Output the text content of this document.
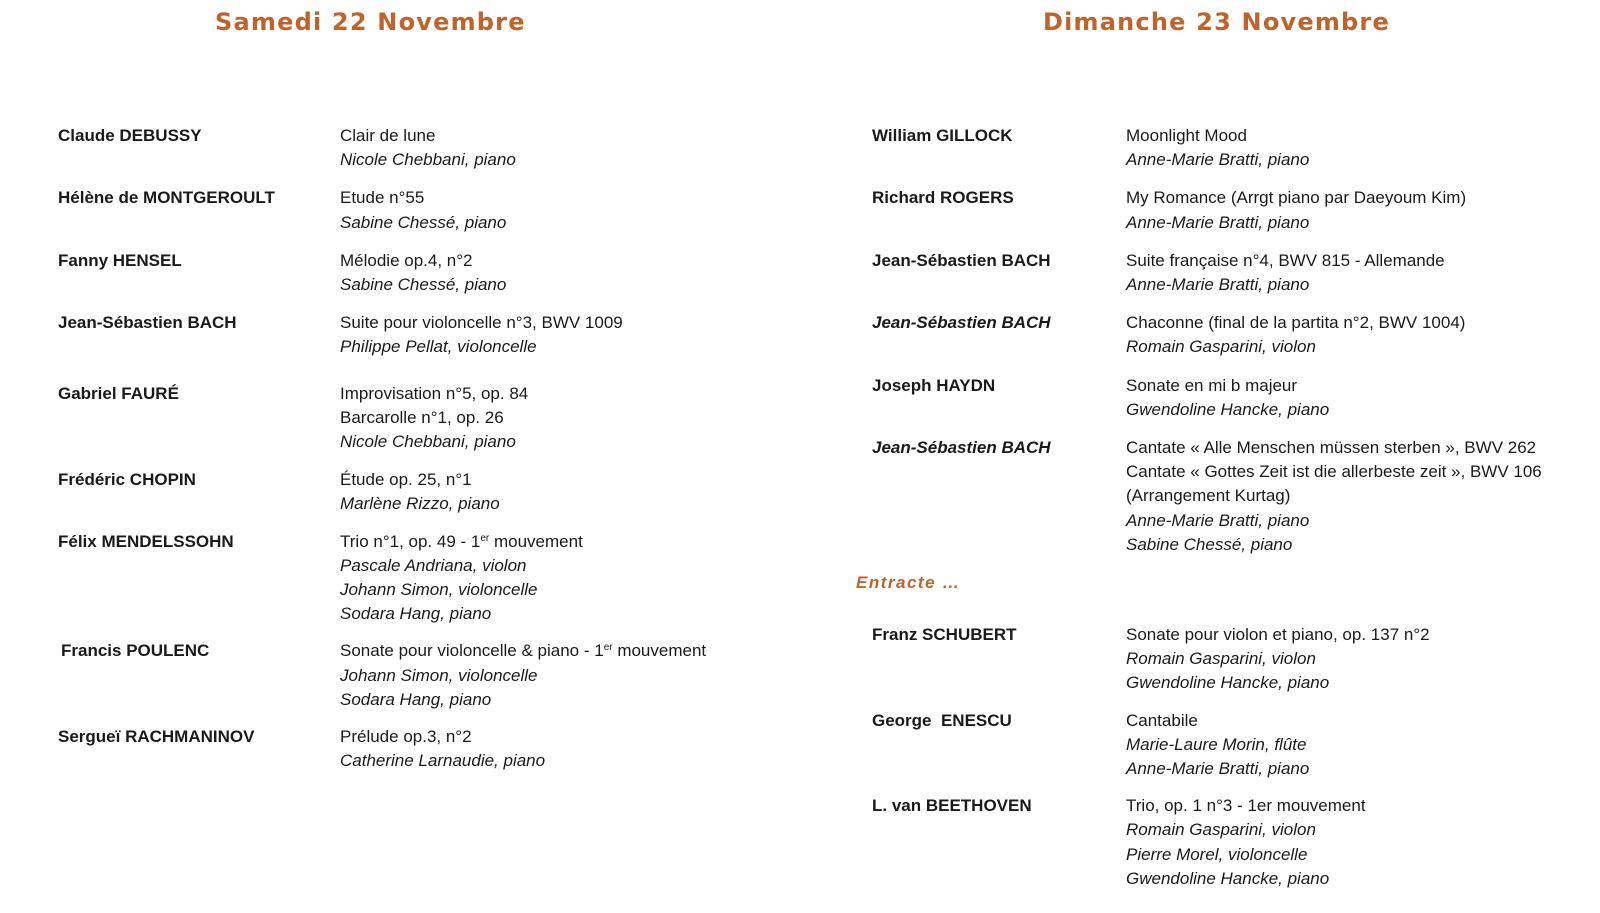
Samedi 22 Novembre	Dimanche 23 Novembre
Claude DEBUSSY	Clair de lune
Nicole Chebbani, piano
Hélène de MONTGEROULT	Etude n°55
Sabine Chessé, piano
Fanny HENSEL	Mélodie op.4, n°2
Sabine Chessé, piano
Jean-Sébastien BACH	Suite pour violoncelle n°3, BWV 1009
Philippe Pellat, violoncelle
Gabriel FAURÉ	Improvisation n°5, op. 84
Barcarolle n°1, op. 26
Nicole Chebbani, piano
Frédéric CHOPIN	Étude op. 25, n°1
Marlène Rizzo, piano
Félix MENDELSSOHN	Trio n°1, op. 49 - 1er mouvement
Pascale Andriana, violon
Johann Simon, violoncelle
Sodara Hang, piano
Francis POULENC	Sonate pour violoncelle & piano - 1er mouvement
Johann Simon, violoncelle
Sodara Hang, piano
Sergueï RACHMANINOV	Prélude op.3, n°2
Catherine Larnaudie, piano
William GILLOCK	Moonlight Mood
Anne-Marie Bratti, piano
Richard ROGERS	My Romance (Arrgt piano par Daeyoum Kim)
Anne-Marie Bratti, piano
Jean-Sébastien BACH	Suite française n°4, BWV 815 - Allemande
Anne-Marie Bratti, piano
Jean-Sébastien BACH	Chaconne (final de la partita n°2, BWV 1004)
Romain Gasparini, violon
Joseph HAYDN	Sonate en mi b majeur
Gwendoline Hancke, piano
Jean-Sébastien BACH	Cantate « Alle Menschen müssen sterben », BWV 262
Cantate « Gottes Zeit ist die allerbeste zeit », BWV 106
(Arrangement Kurtag)
Anne-Marie Bratti, piano
Sabine Chessé, piano
Entracte …
Franz SCHUBERT	Sonate pour violon et piano, op. 137 n°2
Romain Gasparini, violon
Gwendoline Hancke, piano
George  ENESCU	Cantabile
Marie-Laure Morin, flûte
Anne-Marie Bratti, piano
L. van BEETHOVEN	Trio, op. 1 n°3 - 1er mouvement
Romain Gasparini, violon
Pierre Morel, violoncelle
Gwendoline Hancke, piano
